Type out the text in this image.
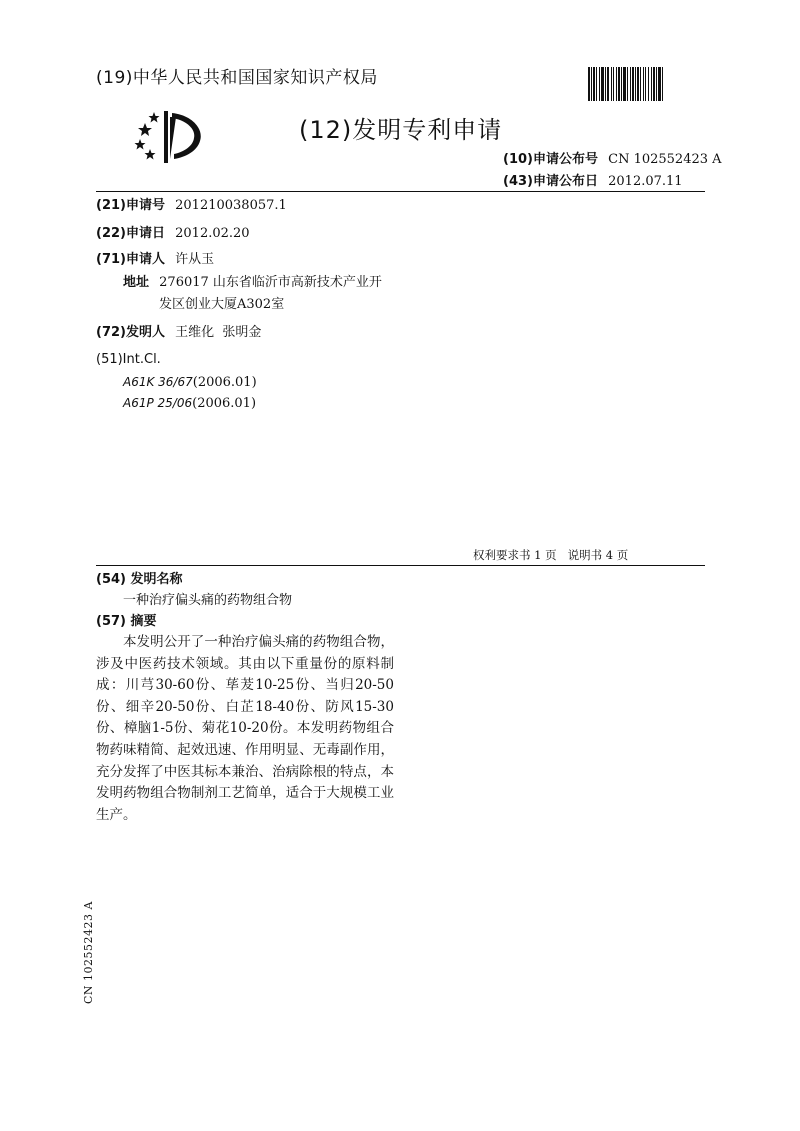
(19)中华人民共和国国家知识产权局
(12)发明专利申请
(10)申请公布号 CN 102552423 A
(43)申请公布日 2012.07.11
(21)申请号 201210038057.1
(22)申请日 2012.02.20
(71)申请人 许从玉
地址 276017 山东省临沂市高新技术产业开
发区创业大厦A302室
(72)发明人 王维化  张明金
(51)Int.Cl.
A61K 36/67(2006.01)
A61P 25/06(2006.01)
权利要求书 1 页   说明书 4 页
(54) 发明名称
一种治疗偏头痛的药物组合物
(57) 摘要
本发明公开了一种治疗偏头痛的药物组合物，涉及中医药技术领域。其由以下重量份的原料制成：川芎30-60份、荜茇10-25份、当归20-50份、细辛20-50份、白芷18-40份、防风15-30份、樟脑1-5份、菊花10-20份。本发明药物组合物药味精简、起效迅速、作用明显、无毒副作用，充分发挥了中医其标本兼治、治病除根的特点，本发明药物组合物制剂工艺简单，适合于大规模工业生产。
CN 102552423 A
